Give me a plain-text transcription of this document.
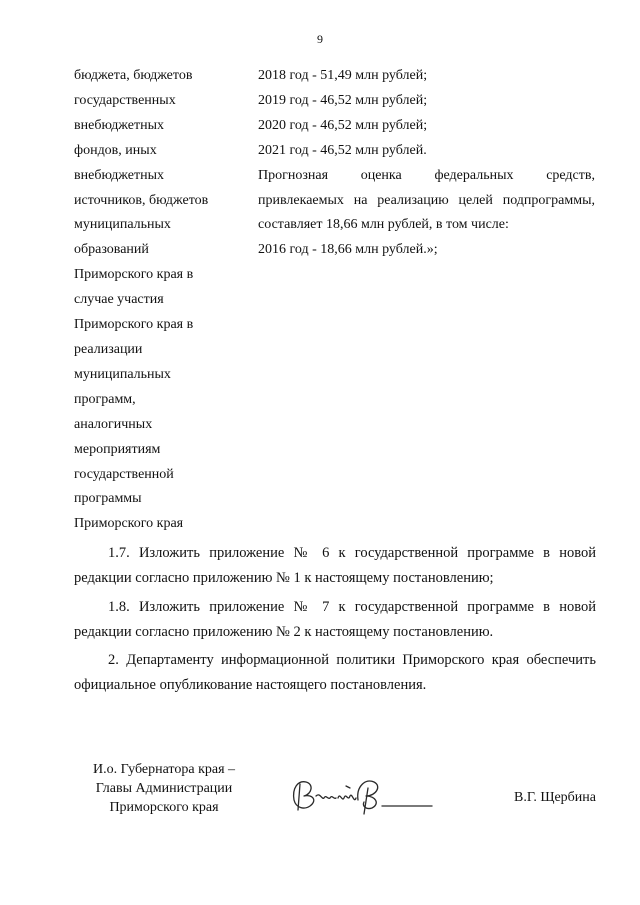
9
бюджета, бюджетов
государственных
внебюджетных
фондов, иных
внебюджетных
источников, бюджетов
муниципальных
образований
Приморского края в
случае участия
Приморского края в
реализации
муниципальных
программ,
аналогичных
мероприятиям
государственной
программы
Приморского края
2018 год - 51,49 млн рублей;
2019 год - 46,52 млн рублей;
2020 год - 46,52 млн рублей;
2021 год - 46,52 млн рублей.
Прогнозная оценка федеральных средств, привлекаемых на реализацию целей подпрограммы, составляет 18,66 млн рублей, в том числе:
2016 год - 18,66 млн рублей.»;
1.7. Изложить приложение № 6 к государственной программе в новой редакции согласно приложению № 1 к настоящему постановлению;
1.8. Изложить приложение № 7 к государственной программе в новой редакции согласно приложению № 2 к настоящему постановлению.
2. Департаменту информационной политики Приморского края обеспечить официальное опубликование настоящего постановления.
И.о. Губернатора края –
Главы Администрации
Приморского края
В.Г. Щербина
